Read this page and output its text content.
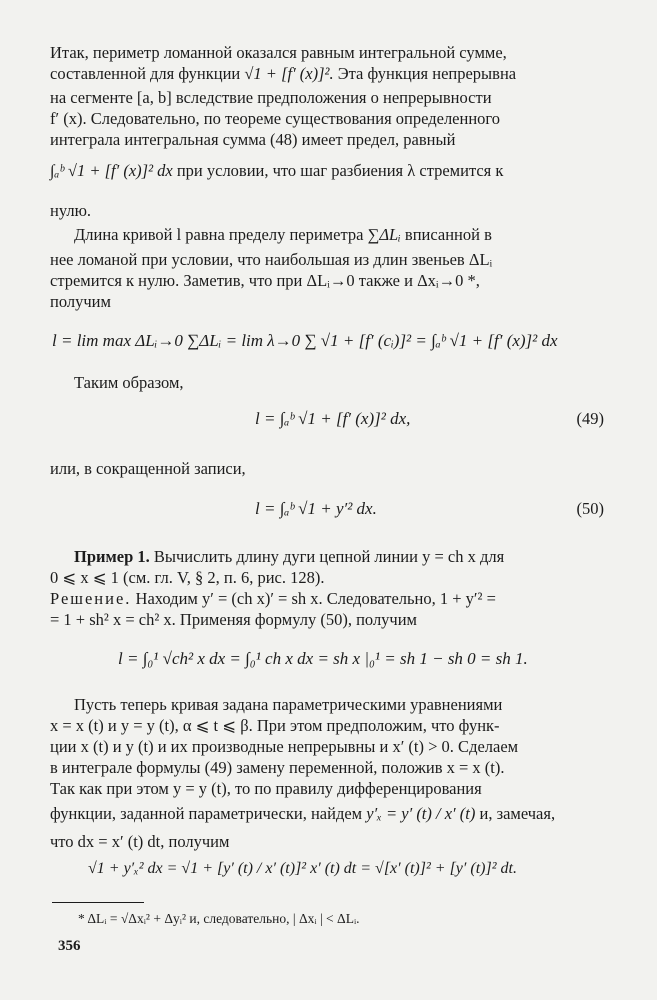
Итак, периметр ломанной оказался равным интегральной сумме,
составленной для функции √1 + [f′ (x)]². Эта функция непрерывна
на сегменте [a, b] вследствие предположения о непрерывности
f′ (x). Следовательно, по теореме существования определенного
интеграла интегральная сумма (48) имеет предел, равный
∫ₐᵇ √1 + [f′ (x)]² dx при условии, что шаг разбиения λ стремится к
нулю.
Длина кривой l равна пределу периметра ∑ΔLᵢ вписанной в
нее ломаной при условии, что наибольшая из длин звеньев ΔLᵢ
стремится к нулю. Заметив, что при ΔLᵢ→0 также и Δxᵢ→0 *,
получим
l = lim max ΔLᵢ→0 ∑ΔLᵢ = lim λ→0 ∑ √1 + [f′ (cᵢ)]² = ∫ₐᵇ √1 + [f′ (x)]² dx
Таким образом,
l = ∫ₐᵇ √1 + [f′ (x)]² dx,	(49)
или, в сокращенной записи,
l = ∫ₐᵇ √1 + y′² dx.	(50)
Пример 1. Вычислить длину дуги цепной линии y = ch x для
0 ⩽ x ⩽ 1 (см. гл. V, § 2, п. 6, рис. 128).
Решение. Находим y′ = (ch x)′ = sh x. Следовательно, 1 + y′² =
= 1 + sh² x = ch² x. Применяя формулу (50), получим
l = ∫₀¹ √ch² x dx = ∫₀¹ ch x dx = sh x |₀¹ = sh 1 − sh 0 = sh 1.
Пусть теперь кривая задана параметрическими уравнениями
x = x (t) и y = y (t), α ⩽ t ⩽ β. При этом предположим, что функ-
ции x (t) и y (t) и их производные непрерывны и x′ (t) > 0. Сделаем
в интеграле формулы (49) замену переменной, положив x = x (t).
Так как при этом y = y (t), то по правилу дифференцирования
функции, заданной параметрически, найдем y′ₓ = y′ (t) / x′ (t) и, замечая,
что dx = x′ (t) dt, получим
√1 + y′ₓ² dx = √1 + [y′ (t) / x′ (t)]² x′ (t) dt = √[x′ (t)]² + [y′ (t)]² dt.
* ΔLᵢ = √Δxᵢ² + Δyᵢ² и, следовательно, | Δxᵢ | < ΔLᵢ.
356
